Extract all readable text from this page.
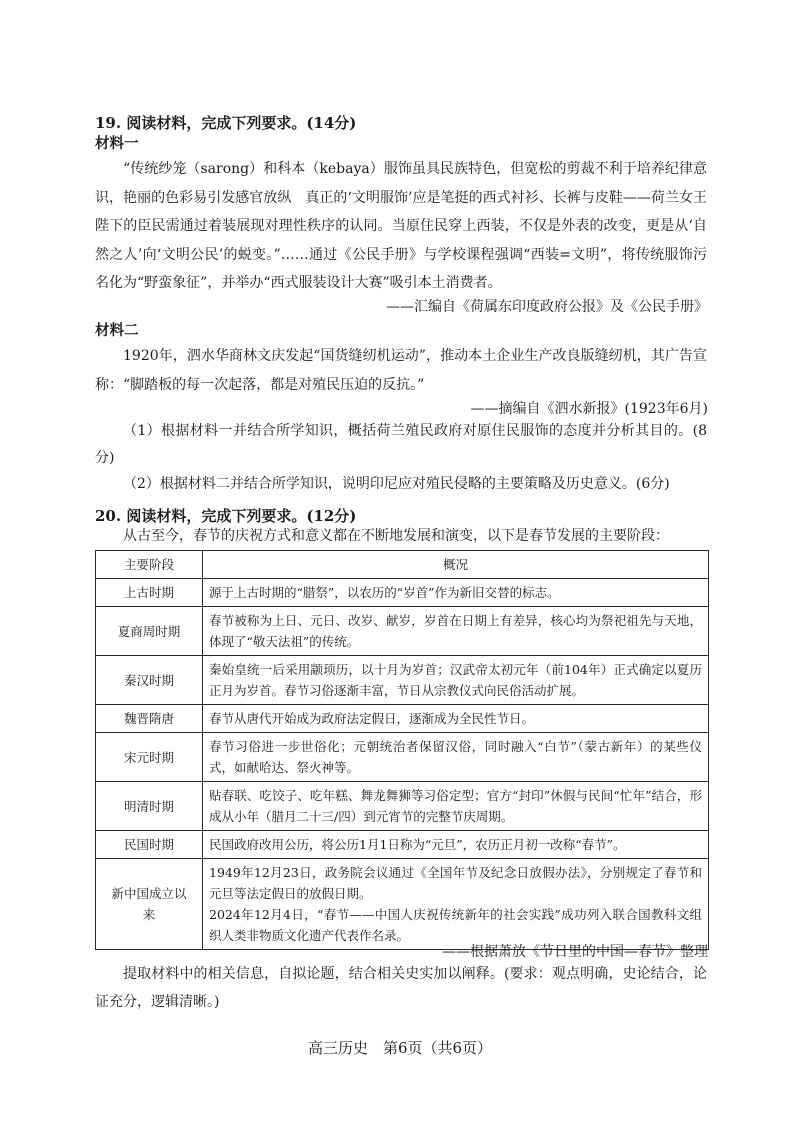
19. 阅读材料，完成下列要求。(14分)
材料一
“传统纱笼（sarong）和科本（kebaya）服饰虽具民族特色，但宽松的剪裁不利于培养纪律意识，艳丽的色彩易引发感官放纵　真正的‘文明服饰’应是笔挺的西式衬衫、长裤与皮鞋——荷兰女王陛下的臣民需通过着装展现对理性秩序的认同。当原住民穿上西装，不仅是外表的改变，更是从‘自然之人’向‘文明公民’的蜕变。”……通过《公民手册》与学校课程强调“西装=文明”，将传统服饰污名化为“野蛮象征”，并举办“西式服装设计大赛”吸引本土消费者。
——汇编自《荷属东印度政府公报》及《公民手册》
材料二
1920年，泗水华商林文庆发起“国货缝纫机运动”，推动本土企业生产改良版缝纫机，其广告宣称：“脚踏板的每一次起落，都是对殖民压迫的反抗。”
——摘编自《泗水新报》(1923年6月)
（1）根据材料一并结合所学知识，概括荷兰殖民政府对原住民服饰的态度并分析其目的。(8分)
（2）根据材料二并结合所学知识，说明印尼应对殖民侵略的主要策略及历史意义。(6分)
20. 阅读材料，完成下列要求。(12分)
从古至今，春节的庆祝方式和意义都在不断地发展和演变，以下是春节发展的主要阶段：
主要阶段	概况
上古时期	源于上古时期的“腊祭”，以农历的“岁首”作为新旧交替的标志。
夏商周时期	春节被称为上日、元日、改岁、献岁，岁首在日期上有差异，核心均为祭祀祖先与天地，体现了“敬天法祖”的传统。
秦汉时期	秦始皇统一后采用颛顼历，以十月为岁首；汉武帝太初元年（前104年）正式确定以夏历正月为岁首。春节习俗逐渐丰富，节日从宗教仪式向民俗活动扩展。
魏晋隋唐	春节从唐代开始成为政府法定假日，逐渐成为全民性节日。
宋元时期	春节习俗进一步世俗化；元朝统治者保留汉俗，同时融入“白节”（蒙古新年）的某些仪式，如献哈达、祭火神等。
明清时期	贴春联、吃饺子、吃年糕、舞龙舞狮等习俗定型；官方“封印”休假与民间“忙年”结合，形成从小年（腊月二十三/四）到元宵节的完整节庆周期。
民国时期	民国政府改用公历，将公历1月1日称为“元旦”，农历正月初一改称“春节”。
新中国成立以来	1949年12月23日，政务院会议通过《全国年节及纪念日放假办法》，分别规定了春节和元旦等法定假日的放假日期。
2024年12月4日，“春节——中国人庆祝传统新年的社会实践”成功列入联合国教科文组织人类非物质文化遗产代表作名录。
——根据萧放《节日里的中国—春节》整理
提取材料中的相关信息，自拟论题，结合相关史实加以阐释。(要求：观点明确，史论结合，论证充分，逻辑清晰。)
高三历史　第6页（共6页）
